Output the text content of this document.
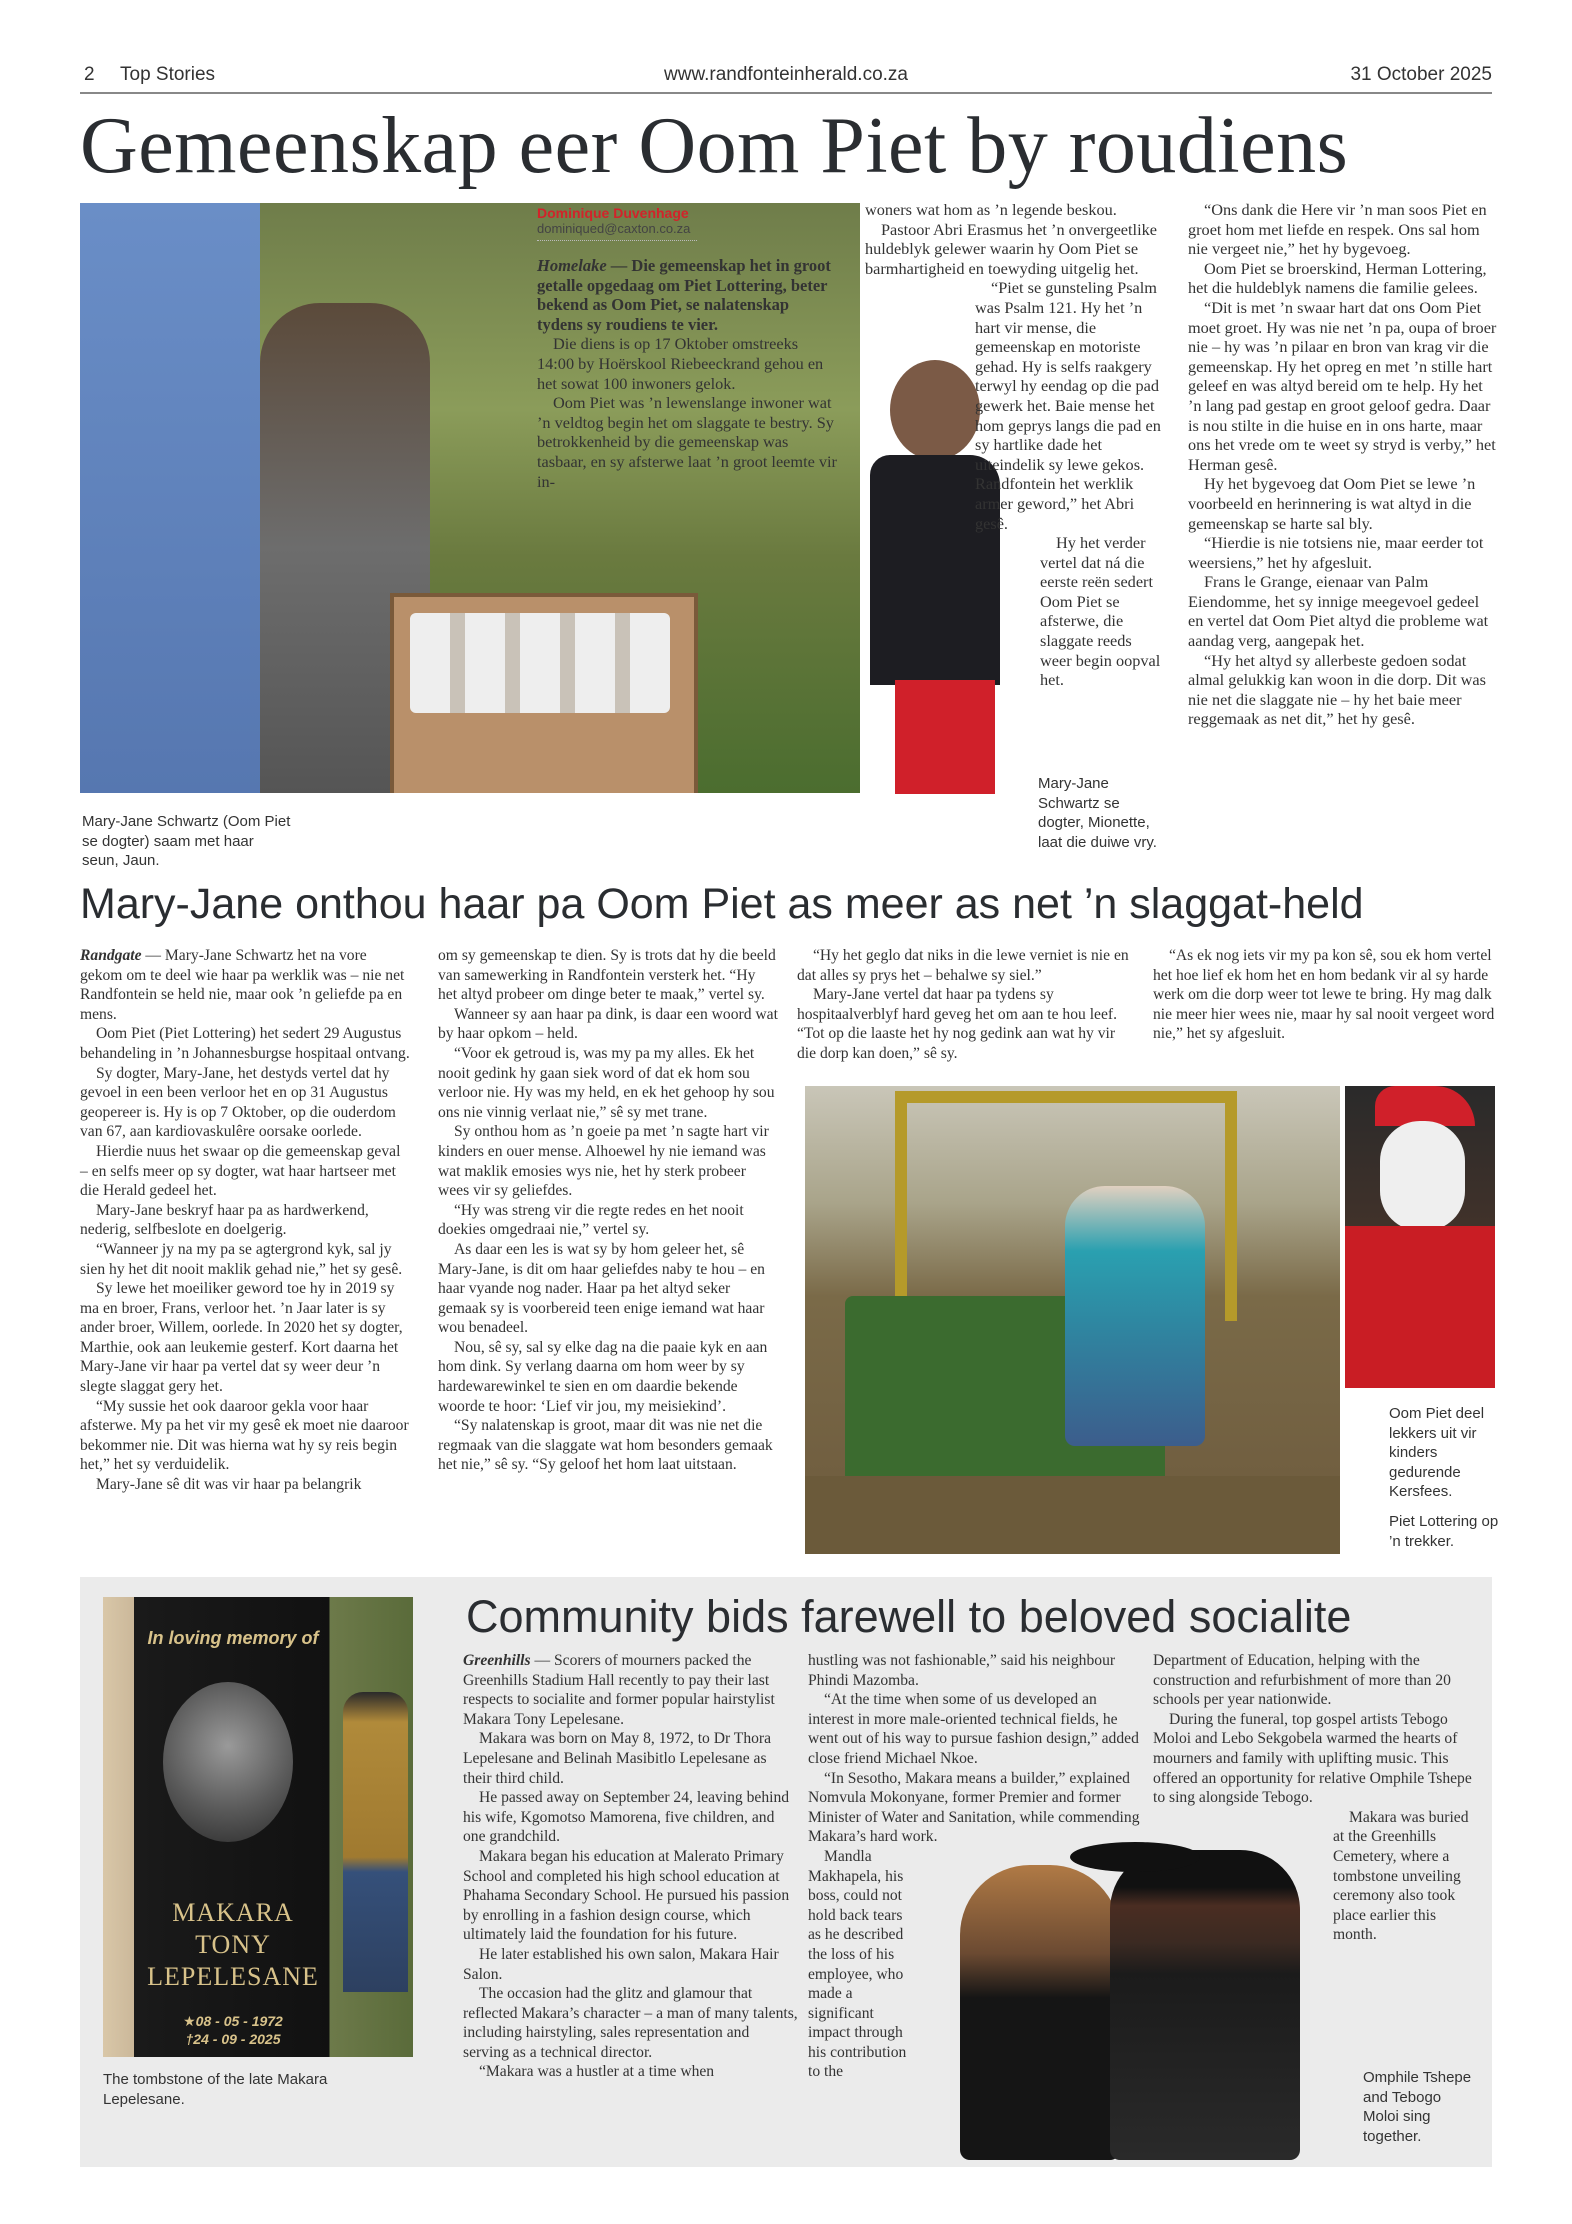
2 Top Stories	www.randfonteinherald.co.za	31 October 2025
Gemeenskap eer Oom Piet by roudiens
Mary-Jane Schwartz (Oom Piet se dogter) saam met haar seun, Jaun.
Dominique Duvenhage
dominiqued@caxton.co.za

Homelake — Die gemeenskap het in groot getalle opgedaag om Piet Lottering, beter bekend as Oom Piet, se nalatenskap tydens sy roudiens te vier.

Die diens is op 17 Oktober omstreeks 14:00 by Hoërskool Riebeeckrand gehou en het sowat 100 inwoners gelok.

Oom Piet was ’n lewenslange inwoner wat ’n veldtog begin het om slaggate te bestry. Sy betrokkenheid by die gemeenskap was tasbaar, en sy afsterwe laat ’n groot leemte vir in-

woners wat hom as ’n legende beskou.

Pastoor Abri Erasmus het ’n onvergeetlike huldeblyk gelewer waarin hy Oom Piet se barmhartigheid en toewyding uitgelig het.

“Piet se gunsteling Psalm was Psalm 121. Hy het ’n hart vir mense, die gemeenskap en motoriste gehad. Hy is selfs raakgery terwyl hy eendag op die pad gewerk het. Baie mense het hom geprys langs die pad en sy hartlike dade het uiteindelik sy lewe gekos. Randfontein het werklik armer geword,” het Abri gesê.

Hy het verder vertel dat ná die eerste reën sedert Oom Piet se afsterwe, die slaggate reeds weer begin oopval het.

Mary-Jane Schwartz se dogter, Mionette, laat die duiwe vry.

“Ons dank die Here vir ’n man soos Piet en groet hom met liefde en respek. Ons sal hom nie vergeet nie,” het hy bygevoeg.

Oom Piet se broerskind, Herman Lottering, het die huldeblyk namens die familie gelees.

“Dit is met ’n swaar hart dat ons Oom Piet moet groet. Hy was nie net ’n pa, oupa of broer nie – hy was ’n pilaar en bron van krag vir die gemeenskap. Hy het opreg en met ’n stille hart geleef en was altyd bereid om te help. Hy het ’n lang pad gestap en groot geloof gedra. Daar is nou stilte in die huise en in ons harte, maar ons het vrede om te weet sy stryd is verby,” het Herman gesê.

Hy het bygevoeg dat Oom Piet se lewe ’n voorbeeld en herinnering is wat altyd in die gemeenskap se harte sal bly.

“Hierdie is nie totsiens nie, maar eerder tot weersiens,” het hy afgesluit.

Frans le Grange, eienaar van Palm Eiendomme, het sy innige meegevoel gedeel en vertel dat Oom Piet altyd die probleme wat aandag verg, aangepak het.

“Hy het altyd sy allerbeste gedoen sodat almal gelukkig kan woon in die dorp. Dit was nie net die slaggate nie – hy het baie meer reggemaak as net dit,” het hy gesê.

Mary-Jane onthou haar pa Oom Piet as meer as net ’n slaggat-held

Randgate — Mary-Jane Schwartz het na vore gekom om te deel wie haar pa werklik was – nie net Randfontein se held nie, maar ook ’n geliefde pa en mens.

Oom Piet (Piet Lottering) het sedert 29 Augustus behandeling in ’n Johannesburgse hospitaal ontvang.

Sy dogter, Mary-Jane, het destyds vertel dat hy gevoel in een been verloor het en op 31 Augustus geopereer is. Hy is op 7 Oktober, op die ouderdom van 67, aan kardiovaskulêre oorsake oorlede.

Hierdie nuus het swaar op die gemeenskap geval – en selfs meer op sy dogter, wat haar hartseer met die Herald gedeel het.

Mary-Jane beskryf haar pa as hardwerkend, nederig, selfbeslote en doelgerig.

“Wanneer jy na my pa se agtergrond kyk, sal jy sien hy het dit nooit maklik gehad nie,” het sy gesê.

Sy lewe het moeiliker geword toe hy in 2019 sy ma en broer, Frans, verloor het. ’n Jaar later is sy ander broer, Willem, oorlede. In 2020 het sy dogter, Marthie, ook aan leukemie gesterf. Kort daarna het Mary-Jane vir haar pa vertel dat sy weer deur ’n slegte slaggat gery het.

“My sussie het ook daaroor gekla voor haar afsterwe. My pa het vir my gesê ek moet nie daaroor bekommer nie. Dit was hierna wat hy sy reis begin het,” het sy verduidelik.

Mary-Jane sê dit was vir haar pa belangrik

om sy gemeenskap te dien. Sy is trots dat hy die beeld van samewerking in Randfontein versterk het. “Hy het altyd probeer om dinge beter te maak,” vertel sy.

Wanneer sy aan haar pa dink, is daar een woord wat by haar opkom – held.

“Voor ek getroud is, was my pa my alles. Ek het nooit gedink hy gaan siek word of dat ek hom sou verloor nie. Hy was my held, en ek het gehoop hy sou ons nie vinnig verlaat nie,” sê sy met trane.

Sy onthou hom as ’n goeie pa met ’n sagte hart vir kinders en ouer mense. Alhoewel hy nie iemand was wat maklik emosies wys nie, het hy sterk probeer wees vir sy geliefdes.

“Hy was streng vir die regte redes en het nooit doekies omgedraai nie,” vertel sy.

As daar een les is wat sy by hom geleer het, sê Mary-Jane, is dit om haar geliefdes naby te hou – en haar vyande nog nader. Haar pa het altyd seker gemaak sy is voorbereid teen enige iemand wat haar wou benadeel.

Nou, sê sy, sal sy elke dag na die paaie kyk en aan hom dink. Sy verlang daarna om hom weer by sy hardewarewinkel te sien en om daardie bekende woorde te hoor: ‘Lief vir jou, my meisiekind’.

“Sy nalatenskap is groot, maar dit was nie net die regmaak van die slaggate wat hom besonders gemaak het nie,” sê sy. “Sy geloof het hom laat uitstaan.

“Hy het geglo dat niks in die lewe verniet is nie en dat alles sy prys het – behalwe sy siel.”

Mary-Jane vertel dat haar pa tydens sy hospitaalverblyf hard geveg het om aan te hou leef. “Tot op die laaste het hy nog gedink aan wat hy vir die dorp kan doen,” sê sy.

“As ek nog iets vir my pa kon sê, sou ek hom vertel het hoe lief ek hom het en hom bedank vir al sy harde werk om die dorp weer tot lewe te bring. Hy mag dalk nie meer hier wees nie, maar hy sal nooit vergeet word nie,” het sy afgesluit.

Oom Piet deel lekkers uit vir kinders gedurende Kersfees.
Piet Lottering op ’n trekker.
Community bids farewell to beloved socialite
In loving memory of
MAKARA TONY LEPELESANE
★08 - 05 - 1972
†24 - 09 - 2025
The tombstone of the late Makara Lepelesane.

Greenhills — Scorers of mourners packed the Greenhills Stadium Hall recently to pay their last respects to socialite and former popular hairstylist Makara Tony Lepelesane.

Makara was born on May 8, 1972, to Dr Thora Lepelesane and Belinah Masibitlo Lepelesane as their third child.

He passed away on September 24, leaving behind his wife, Kgomotso Mamorena, five children, and one grandchild.

Makara began his education at Malerato Primary School and completed his high school education at Phahama Secondary School. He pursued his passion by enrolling in a fashion design course, which ultimately laid the foundation for his future.

He later established his own salon, Makara Hair Salon.

The occasion had the glitz and glamour that reflected Makara’s character – a man of many talents, including hairstyling, sales representation and serving as a technical director.

“Makara was a hustler at a time when

hustling was not fashionable,” said his neighbour Phindi Mazomba.

“At the time when some of us developed an interest in more male-oriented technical fields, he went out of his way to pursue fashion design,” added close friend Michael Nkoe.

“In Sesotho, Makara means a builder,” explained Nomvula Mokonyane, former Premier and former Minister of Water and Sanitation, while commending Makara’s hard work.

Mandla Makhapela, his boss, could not hold back tears as he described the loss of his employee, who made a significant impact through his contribution to the

Department of Education, helping with the construction and refurbishment of more than 20 schools per year nationwide.

During the funeral, top gospel artists Tebogo Moloi and Lebo Sekgobela warmed the hearts of mourners and family with uplifting music. This offered an opportunity for relative Omphile Tshepe to sing alongside Tebogo.

Makara was buried at the Greenhills Cemetery, where a tombstone unveiling ceremony also took place earlier this month.

Omphile Tshepe and Tebogo Moloi sing together.
